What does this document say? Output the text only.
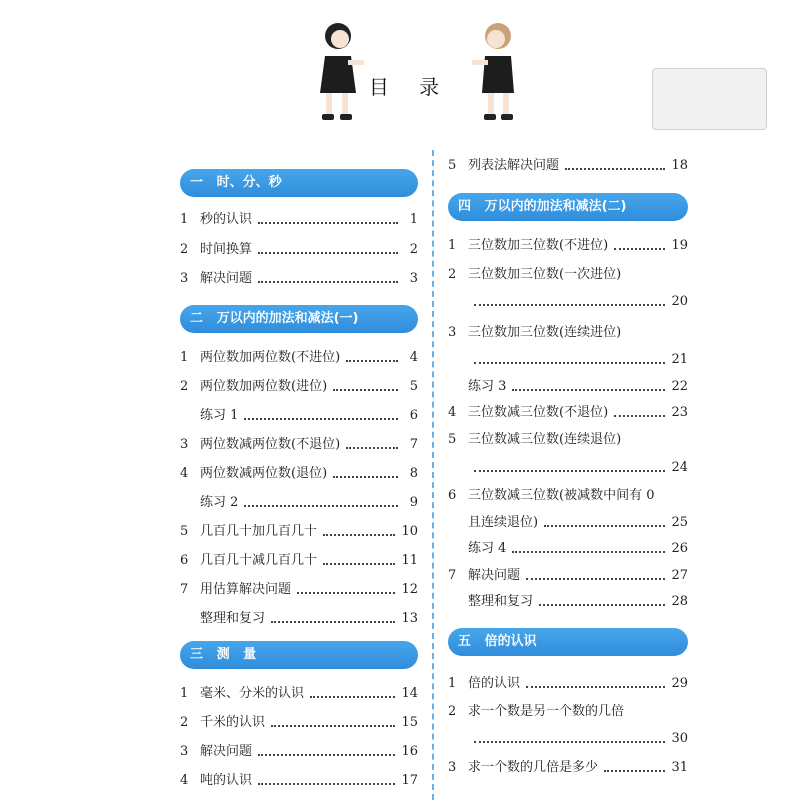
目 录
一   时、分、秒
1 秒的认识	1
2 时间换算	2
3 解决问题	3
二   万以内的加法和减法(一)
1 两位数加两位数(不进位)	4
2 两位数加两位数(进位)	5
练习 1	6
3 两位数减两位数(不退位)	7
4 两位数减两位数(退位)	8
练习 2	9
5 几百几十加几百几十	10
6 几百几十减几百几十	11
7 用估算解决问题	12
整理和复习	13
三   测   量
1 毫米、分米的认识	14
2 千米的认识	15
3 解决问题	16
4 吨的认识	17
5 列表法解决问题	18
四   万以内的加法和减法(二)
1 三位数加三位数(不进位)	19
2 三位数加三位数(一次进位)
20
3 三位数加三位数(连续进位)
21
练习 3	22
4 三位数减三位数(不退位)	23
5 三位数减三位数(连续退位)
24
6 三位数减三位数(被减数中间有 0
且连续退位)	25
练习 4	26
7 解决问题	27
整理和复习	28
五   倍的认识
1 倍的认识	29
2 求一个数是另一个数的几倍
30
3 求一个数的几倍是多少	31
